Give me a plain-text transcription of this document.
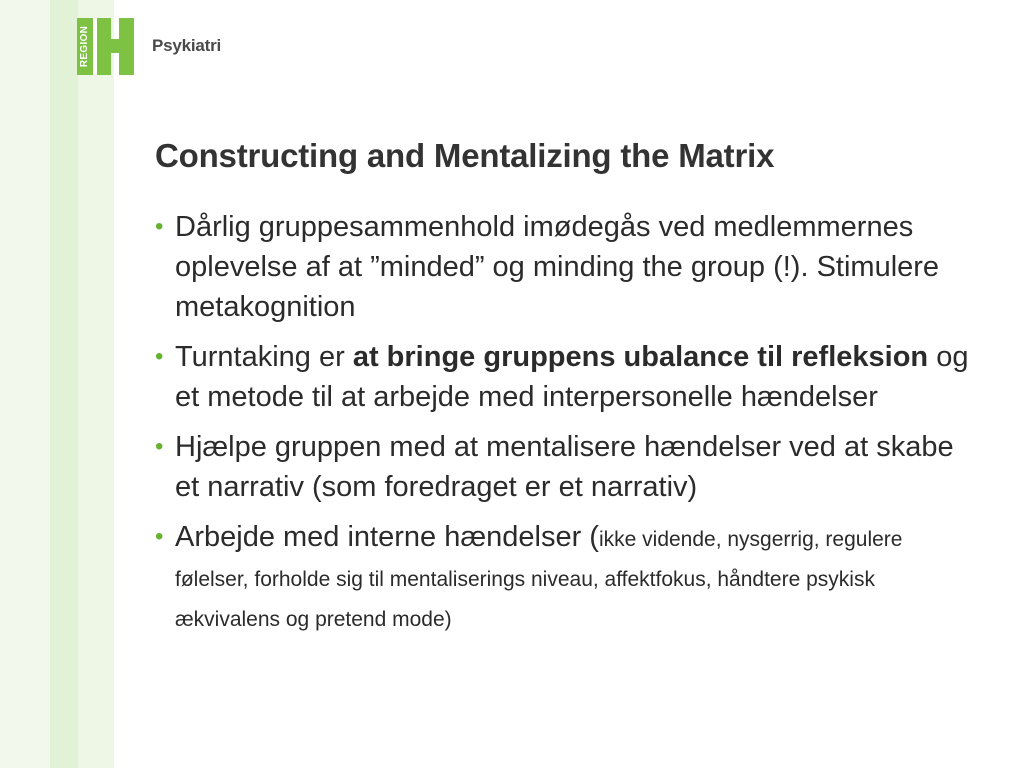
REGION	Psykiatri
Constructing and Mentalizing the Matrix
• Dårlig gruppesammenhold imødegås ved medlemmernes oplevelse af at ”minded” og minding the group (!). Stimulere metakognition
• Turntaking er at bringe gruppens ubalance til refleksion og et metode til at arbejde med interpersonelle hændelser
• Hjælpe gruppen med at mentalisere hændelser ved at skabe et narrativ (som foredraget er et narrativ)
• Arbejde med interne hændelser (ikke vidende, nysgerrig, regulere følelser, forholde sig til mentaliserings niveau, affektfokus, håndtere psykisk ækvivalens og pretend mode)
